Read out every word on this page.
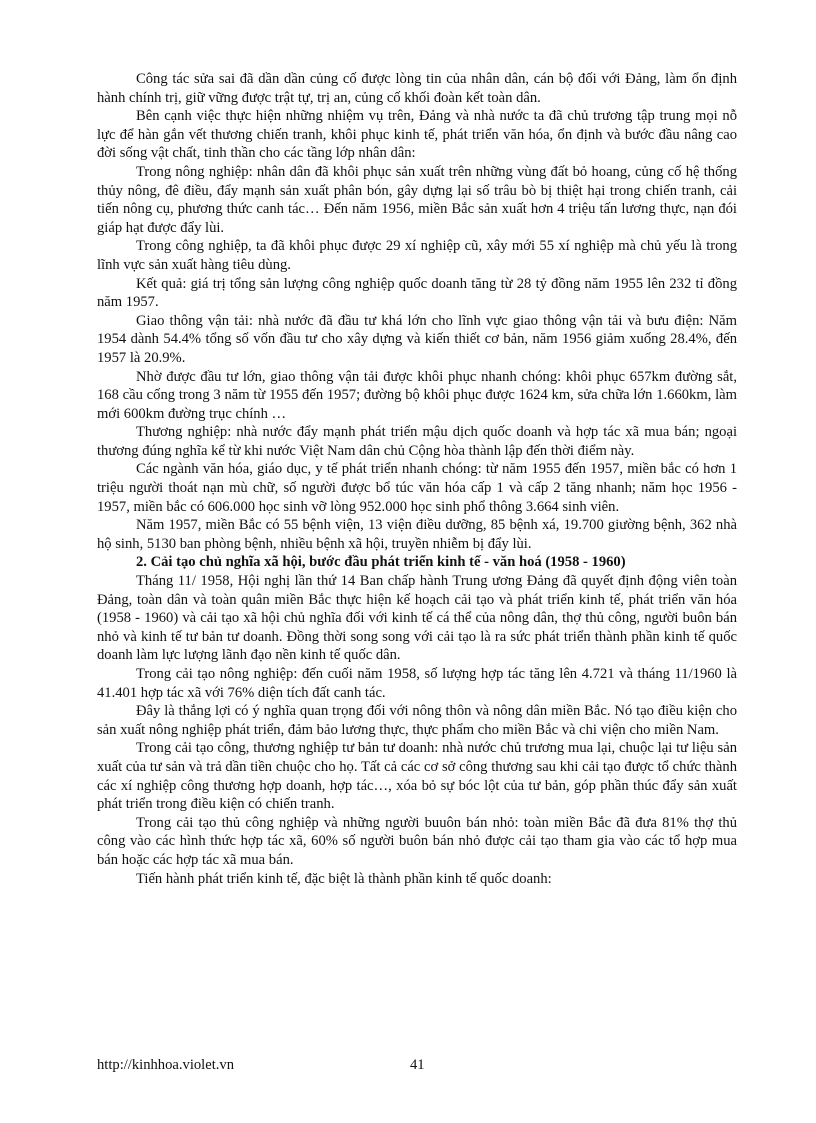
Công tác sửa sai đã dần dần củng cố được lòng tin của nhân dân, cán bộ đối với Đảng, làm ổn định hành chính trị, giữ vững được trật tự, trị an, củng cố khối đoàn kết toàn dân.

Bên cạnh việc thực hiện những nhiệm vụ trên, Đảng và nhà nước ta đã chủ trương tập trung mọi nỗ lực để hàn gắn vết thương chiến tranh, khôi phục kinh tế, phát triển văn hóa, ổn định và bước đầu nâng cao đời sống vật chất, tinh thần cho các tầng lớp nhân dân:

Trong nông nghiệp: nhân dân đã khôi phục sản xuất trên những vùng đất bỏ hoang, củng cố hệ thống thủy nông, đê điều, đẩy mạnh sản xuất phân bón, gây dựng lại số trâu bò bị thiệt hại trong chiến tranh, cải tiến nông cụ, phương thức canh tác… Đến năm 1956, miền Bắc sản xuất hơn 4 triệu tấn lương thực, nạn đói giáp hạt được đẩy lùi.

Trong công nghiệp, ta đã khôi phục được 29 xí nghiệp cũ, xây mới 55 xí nghiệp mà chủ yếu là trong lĩnh vực sản xuất hàng tiêu dùng.

Kết quả: giá trị tổng sản lượng công nghiệp quốc doanh tăng từ 28 tỷ đồng năm 1955 lên 232 tỉ đồng năm 1957.

Giao thông vận tải: nhà nước đã đầu tư khá lớn cho lĩnh vực giao thông vận tải và bưu điện: Năm 1954 dành 54.4% tổng số vốn đầu tư cho xây dựng và kiến thiết cơ bản, năm 1956 giảm xuống 28.4%, đến 1957 là 20.9%.

Nhờ được đầu tư lớn, giao thông vận tải được khôi phục nhanh chóng: khôi phục 657km đường sắt, 168 cầu cống trong 3 năm từ 1955 đến 1957; đường bộ khôi phục được 1624 km, sửa chữa lớn 1.660km, làm mới 600km đường trục chính …

Thương nghiệp: nhà nước đẩy mạnh phát triển mậu dịch quốc doanh và hợp tác xã mua bán; ngoại thương đúng nghĩa kể từ khi nước Việt Nam dân chủ Cộng hòa thành lập đến thời điểm này.

Các ngành văn hóa, giáo dục, y tế phát triển nhanh chóng: từ năm 1955 đến 1957, miền bắc có hơn 1 triệu người thoát nạn mù chữ, số người được bổ túc văn hóa cấp 1 và cấp 2 tăng nhanh; năm học 1956 - 1957, miền bắc có 606.000 học sinh vỡ lòng 952.000 học sinh phổ thông 3.664 sinh viên.

Năm 1957, miền Bắc có 55 bệnh viện, 13 viện điều dưỡng, 85 bệnh xá, 19.700 giường bệnh, 362 nhà hộ sinh, 5130 ban phòng bệnh, nhiều bệnh xã hội, truyền nhiễm bị đẩy lùi.

2. Cải tạo chủ nghĩa xã hội, bước đầu phát triển kinh tế - văn hoá (1958 - 1960)

Tháng 11/ 1958, Hội nghị lần thứ 14 Ban chấp hành Trung ương Đảng đã quyết định động viên toàn Đảng, toàn dân và toàn quân miền Bắc thực hiện kế hoạch cải tạo và phát triển kinh tế, phát triển văn hóa (1958 - 1960) và cải tạo xã hội chủ nghĩa đối với kinh tế cá thể của nông dân, thợ thủ công, người buôn bán nhỏ và kinh tế tư bản tư doanh. Đồng thời song song với cải tạo là ra sức phát triển thành phần kinh tế quốc doanh làm lực lượng lãnh đạo nền kinh tế quốc dân.

Trong cải tạo nông nghiệp: đến cuối năm 1958, số lượng hợp tác tăng lên 4.721 và tháng 11/1960 là 41.401 hợp tác xã với 76% diện tích đất canh tác.

Đây là thắng lợi có ý nghĩa quan trọng đối với nông thôn và nông dân miền Bắc. Nó tạo điều kiện cho sản xuất nông nghiệp phát triển, đảm bảo lương thực, thực phẩm cho miền Bắc và chi viện cho miền Nam.

Trong cải tạo công, thương nghiệp tư bản tư doanh: nhà nước chủ trương mua lại, chuộc lại tư liệu sản xuất của tư sản và trả dần tiền chuộc cho họ. Tất cả các cơ sở công thương sau khi cải tạo được tổ chức thành các xí nghiệp công thương hợp doanh, hợp tác…, xóa bỏ sự bóc lột của tư bản, góp phần thúc đẩy sản xuất phát triển trong điều kiện có chiến tranh.

Trong cải tạo thủ công nghiệp và những người buuôn bán nhỏ: toàn miền Bắc đã đưa 81% thợ thủ công vào các hình thức hợp tác xã, 60% số người buôn bán nhỏ được cải tạo tham gia vào các tổ hợp mua bán hoặc các hợp tác xã mua bán.

Tiến hành phát triển kinh tế, đặc biệt là thành phần kinh tế quốc doanh:

http://kinhhoa.violet.vn	41
